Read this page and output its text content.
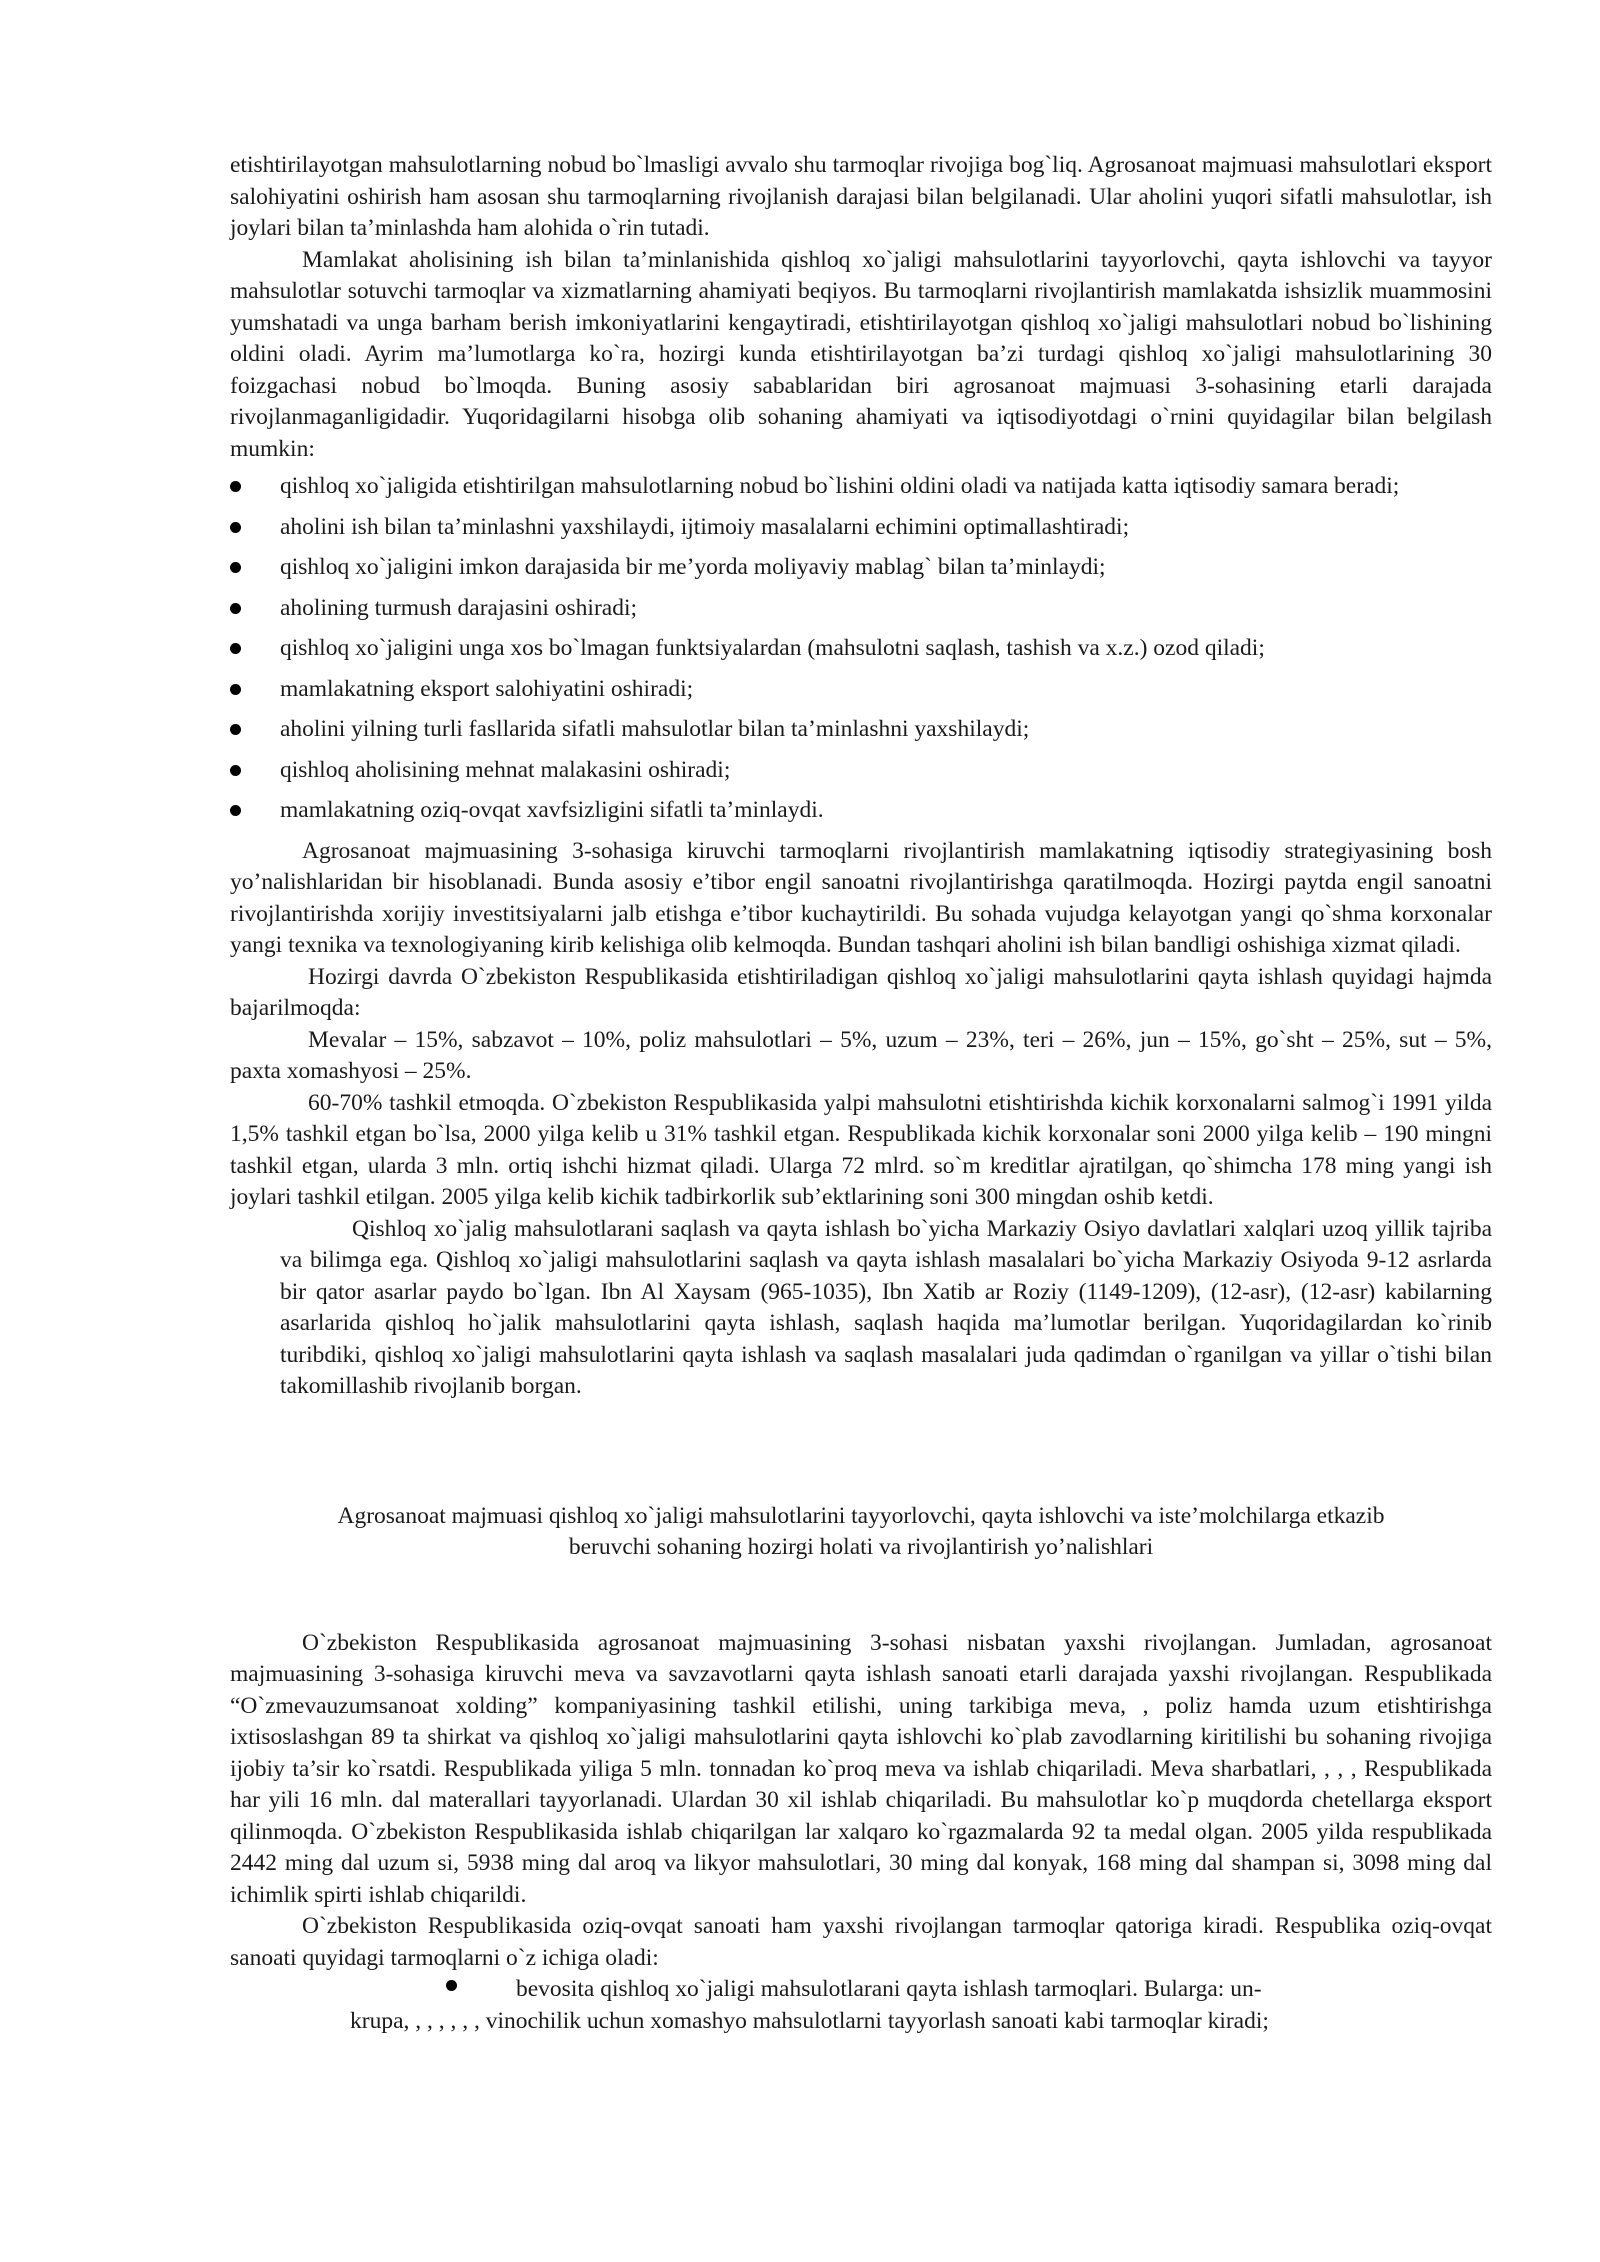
etishtirilayotgan mahsulotlarning nobud bo`lmasligi avvalo shu tarmoqlar rivojiga bog`liq. Agrosanoat majmuasi mahsulotlari eksport salohiyatini oshirish ham asosan shu tarmoqlarning rivojlanish darajasi bilan belgilanadi. Ular aholini yuqori sifatli mahsulotlar, ish joylari bilan ta’minlashda ham alohida o`rin tutadi.

Mamlakat aholisining ish bilan ta’minlanishida qishloq xo`jaligi mahsulotlarini tayyorlovchi, qayta ishlovchi va tayyor mahsulotlar sotuvchi tarmoqlar va xizmatlarning ahamiyati beqiyos. Bu tarmoqlarni rivojlantirish mamlakatda ishsizlik muammosini yumshatadi va unga barham berish imkoniyatlarini kengaytiradi, etishtirilayotgan qishloq xo`jaligi mahsulotlari nobud bo`lishining oldini oladi. Ayrim ma’lumotlarga ko`ra, hozirgi kunda etishtirilayotgan ba’zi turdagi qishloq xo`jaligi mahsulotlarining 30 foizgachasi nobud bo`lmoqda. Buning asosiy sabablaridan biri agrosanoat majmuasi 3-sohasining etarli darajada rivojlanmaganligidadir. Yuqoridagilarni hisobga olib sohaning ahamiyati va iqtisodiyotdagi o`rnini quyidagilar bilan belgilash mumkin:

qishloq xo`jaligida etishtirilgan mahsulotlarning nobud bo`lishini oldini oladi va natijada katta iqtisodiy samara beradi;
aholini ish bilan ta’minlashni yaxshilaydi, ijtimoiy masalalarni echimini optimallashtiradi;
qishloq xo`jaligini imkon darajasida bir me’yorda moliyaviy mablag` bilan ta’minlaydi;
aholining turmush darajasini oshiradi;
qishloq xo`jaligini unga xos bo`lmagan funktsiyalardan (mahsulotni saqlash, tashish va x.z.) ozod qiladi;
mamlakatning eksport salohiyatini oshiradi;
aholini yilning turli fasllarida sifatli mahsulotlar bilan ta’minlashni yaxshilaydi;
qishloq aholisining mehnat malakasini oshiradi;
mamlakatning oziq-ovqat xavfsizligini sifatli ta’minlaydi.

Agrosanoat majmuasining 3-sohasiga kiruvchi tarmoqlarni rivojlantirish mamlakatning iqtisodiy strategiyasining bosh yo’nalishlaridan bir hisoblanadi. Bunda asosiy e’tibor engil sanoatni rivojlantirishga qaratilmoqda. Hozirgi paytda engil sanoatni rivojlantirishda xorijiy investitsiyalarni jalb etishga e’tibor kuchaytirildi. Bu sohada vujudga kelayotgan yangi qo`shma korxonalar yangi texnika va texnologiyaning kirib kelishiga olib kelmoqda. Bundan tashqari aholini ish bilan bandligi oshishiga xizmat qiladi.

Hozirgi davrda O`zbekiston Respublikasida etishtiriladigan qishloq xo`jaligi mahsulotlarini qayta ishlash quyidagi hajmda bajarilmoqda:

Mevalar – 15%, sabzavot – 10%, poliz mahsulotlari – 5%, uzum – 23%, teri – 26%, jun – 15%, go`sht – 25%, sut – 5%, paxta xomashyosi – 25%.

60-70% tashkil etmoqda. O`zbekiston Respublikasida yalpi mahsulotni etishtirishda kichik korxonalarni salmog`i 1991 yilda 1,5% tashkil etgan bo`lsa, 2000 yilga kelib u 31% tashkil etgan. Respublikada kichik korxonalar soni 2000 yilga kelib – 190 mingni tashkil etgan, ularda 3 mln. ortiq ishchi hizmat qiladi. Ularga 72 mlrd. so`m kreditlar ajratilgan, qo`shimcha 178 ming yangi ish joylari tashkil etilgan. 2005 yilga kelib kichik tadbirkorlik sub’ektlarining soni 300 mingdan oshib ketdi.

Qishloq xo`jalig mahsulotlarani saqlash va qayta ishlash bo`yicha Markaziy Osiyo davlatlari xalqlari uzoq yillik tajriba va bilimga ega. Qishloq xo`jaligi mahsulotlarini saqlash va qayta ishlash masalalari bo`yicha Markaziy Osiyoda 9-12 asrlarda bir qator asarlar paydo bo`lgan. Ibn Al Xaysam (965-1035), Ibn Xatib ar Roziy (1149-1209), (12-asr), (12-asr) kabilarning asarlarida qishloq ho`jalik mahsulotlarini qayta ishlash, saqlash haqida ma’lumotlar berilgan. Yuqoridagilardan ko`rinib turibdiki, qishloq xo`jaligi mahsulotlarini qayta ishlash va saqlash masalalari juda qadimdan o`rganilgan va yillar o`tishi bilan takomillashib rivojlanib borgan.

Agrosanoat majmuasi qishloq xo`jaligi mahsulotlarini tayyorlovchi, qayta ishlovchi va iste’molchilarga etkazib

beruvchi sohaning hozirgi holati va rivojlantirish yo’nalishlari

O`zbekiston Respublikasida agrosanoat majmuasining 3-sohasi nisbatan yaxshi rivojlangan. Jumladan, agrosanoat majmuasining 3-sohasiga kiruvchi meva va savzavotlarni qayta ishlash sanoati etarli darajada yaxshi rivojlangan. Respublikada “O`zmevauzumsanoat xolding” kompaniyasining tashkil etilishi, uning tarkibiga meva, , poliz hamda uzum etishtirishga ixtisoslashgan 89 ta shirkat va qishloq xo`jaligi mahsulotlarini qayta ishlovchi ko`plab zavodlarning kiritilishi bu sohaning rivojiga ijobiy ta’sir ko`rsatdi. Respublikada yiliga 5 mln. tonnadan ko`proq meva va ishlab chiqariladi. Meva sharbatlari, , , , Respublikada har yili 16 mln. dal materallari tayyorlanadi. Ulardan 30 xil ishlab chiqariladi. Bu mahsulotlar ko`p muqdorda chetellarga eksport qilinmoqda. O`zbekiston Respublikasida ishlab chiqarilgan lar xalqaro ko`rgazmalarda 92 ta medal olgan. 2005 yilda respublikada 2442 ming dal uzum si, 5938 ming dal aroq va likyor mahsulotlari, 30 ming dal konyak, 168 ming dal shampan si, 3098 ming dal ichimlik spirti ishlab chiqarildi.

O`zbekiston Respublikasida oziq-ovqat sanoati ham yaxshi rivojlangan tarmoqlar qatoriga kiradi. Respublika oziq-ovqat sanoati quyidagi tarmoqlarni o`z ichiga oladi:

bevosita qishloq xo`jaligi mahsulotlarani qayta ishlash tarmoqlari. Bularga: un-

krupa, , , , , , , vinochilik uchun xomashyo mahsulotlarni tayyorlash sanoati kabi tarmoqlar kiradi;
